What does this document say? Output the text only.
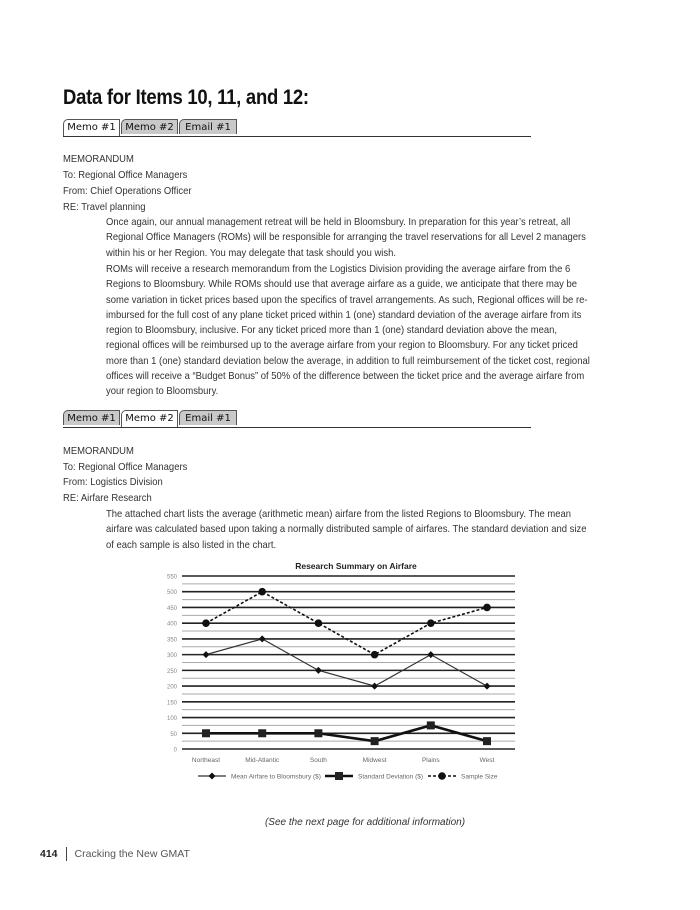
Data for Items 10, 11, and 12:
Memo #1 Memo #2	Email #1
MEMORANDUM
To: Regional Office Managers
From: Chief Operations Officer
RE: Travel planning
Once again, our annual management retreat will be held in Bloomsbury. In preparation for this year’s retreat, all Regional Office Managers (ROMs) will be responsible for arranging the travel reservations for all Level 2 managers within his or her Region. You may delegate that task should you wish.
ROMs will receive a research memorandum from the Logistics Division providing the average airfare from the 6 Regions to Bloomsbury. While ROMs should use that average airfare as a guide, we anticipate that there may be some variation in ticket prices based upon the specifics of travel arrangements. As such, Regional offices will be re-imbursed for the full cost of any plane ticket priced within 1 (one) standard deviation of the average airfare from its region to Bloomsbury, inclusive. For any ticket priced more than 1 (one) standard deviation above the mean, regional offices will be reimbursed up to the average airfare from your region to Bloomsbury. For any ticket priced more than 1 (one) standard deviation below the average, in addition to full reimbursement of the ticket cost, regional offices will receive a “Budget Bonus” of 50% of the difference between the ticket price and the average airfare from your region to Bloomsbury.
Memo #1 Memo #2	Email #1
MEMORANDUM
To: Regional Office Managers
From: Logistics Division
RE: Airfare Research
The attached chart lists the average (arithmetic mean) airfare from the listed Regions to Bloomsbury. The mean airfare was calculated based upon taking a normally distributed sample of airfares. The standard deviation and size of each sample is also listed in the chart.
Research Summary on Airfare
0
50
100
150
200
250
300
350
400
450
500
550
Northeast	Mid-Atlantic	South	Midwest	Plains	West
Mean Airfare to Bloomsbury ($)	Standard Deviation ($)	Sample Size
(See the next page for additional information)
414 Cracking the New GMAT
